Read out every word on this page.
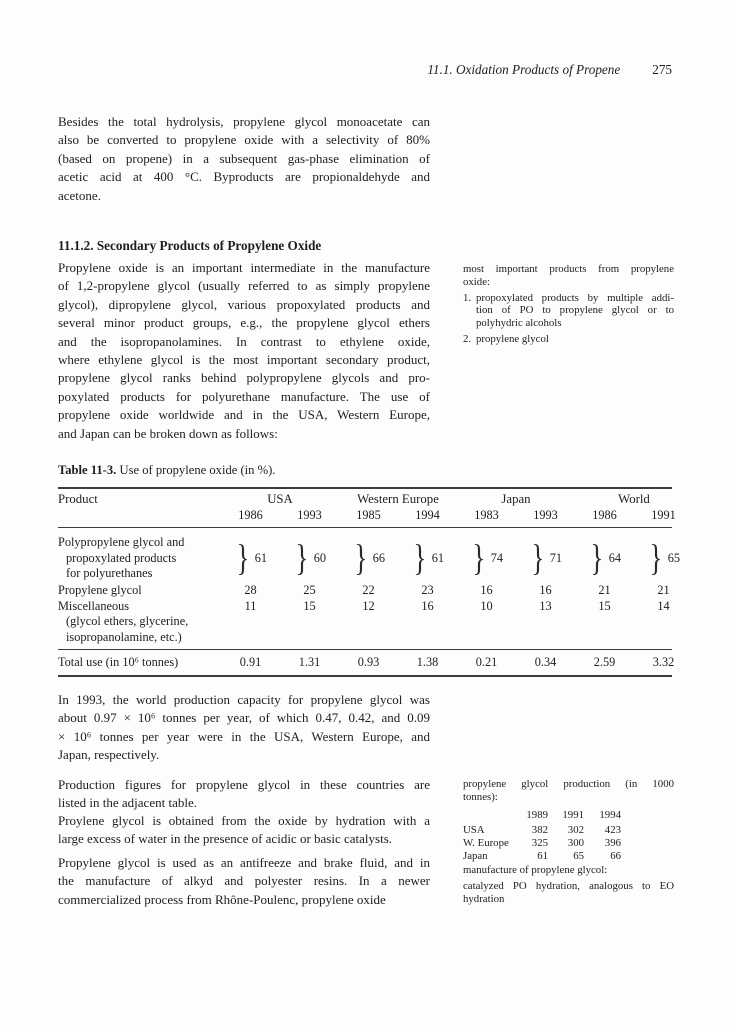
11.1. Oxidation Products of Propene 275
Besides the total hydrolysis, propylene glycol monoacetate can
also be converted to propylene oxide with a selectivity of 80%
(based on propene) in a subsequent gas-phase elimination of
acetic acid at 400 °C. Byproducts are propionaldehyde and
acetone.
11.1.2. Secondary Products of Propylene Oxide
Propylene oxide is an important intermediate in the manufacture
of 1,2-propylene glycol (usually referred to as simply propylene
glycol), dipropylene glycol, various propoxylated products and
several minor product groups, e.g., the propylene glycol ethers
and the isopropanolamines. In contrast to ethylene oxide,
where ethylene glycol is the most important secondary product,
propylene glycol ranks behind polypropylene glycols and pro-
poxylated products for polyurethane manufacture. The use of
propylene oxide worldwide and in the USA, Western Europe,
and Japan can be broken down as follows:
most important products from propylene
oxide:
1. propoxylated products by multiple addi-
tion of PO to propylene glycol or to
polyhydric alcohols
2. propylene glycol
Table 11-3. Use of propylene oxide (in %).
Product	USA	Western Europe	Japan	World
1986	1993	1985	1994	1983	1993	1986	1991
Polypropylene glycol and
propoxylated products
for polyurethanes	} 61 } 60 } 66 } 61 } 74 } 71 } 64 } 65
Propylene glycol	28	25	22	23	16	16	21	21
Miscellaneous
(glycol ethers, glycerine,
isopropanolamine, etc.)
11	15	12	16	10	13	15	14
Total use (in 10⁶ tonnes)	0.91	1.31	0.93	1.38	0.21	0.34	2.59	3.32
In 1993, the world production capacity for propylene glycol was
about 0.97 × 10⁶ tonnes per year, of which 0.47, 0.42, and 0.09
× 10⁶ tonnes per year were in the USA, Western Europe, and
Japan, respectively.
Production figures for propylene glycol in these countries are
listed in the adjacent table.
Proylene glycol is obtained from the oxide by hydration with a
large excess of water in the presence of acidic or basic catalysts.
Propylene glycol is used as an antifreeze and brake fluid, and in
the manufacture of alkyd and polyester resins. In a newer
commercialized process from Rhône-Poulenc, propylene oxide
propylene glycol production (in 1000
tonnes):
1989	1991	1994
USA	382	302	423
W. Europe	325	300	396
Japan	61	65	66
manufacture of propylene glycol:
catalyzed PO hydration, analogous to EO
hydration
